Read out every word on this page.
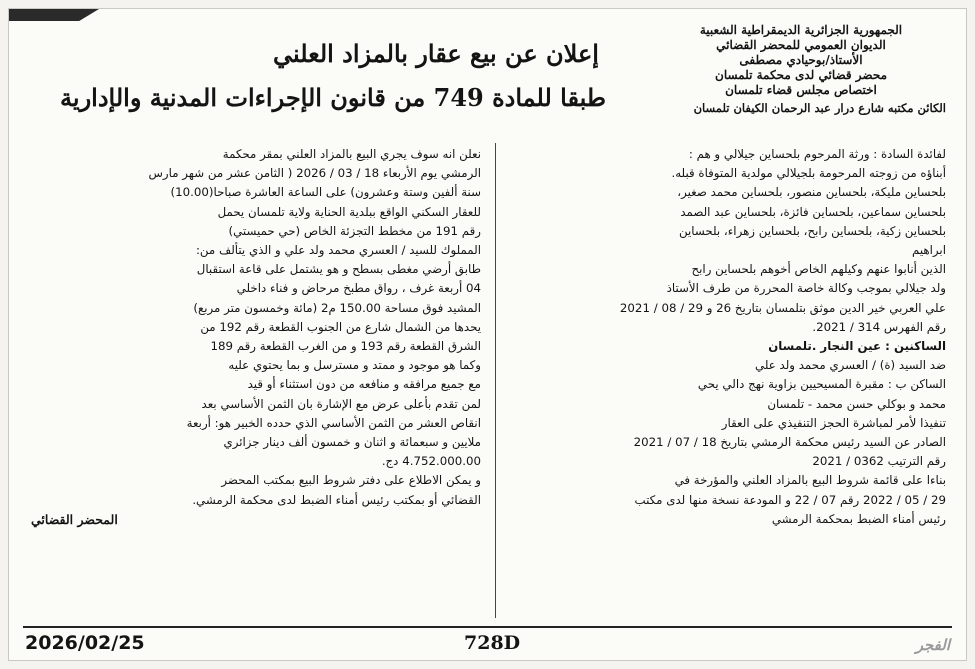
الجمهورية الجزائرية الديمقراطية الشعبية
الديوان العمومي للمحضر القضائي
الأستاذ/بوحيادي مصطفى
محضر قضائي لدى محكمة تلمسان
اختصاص مجلس قضاء تلمسان
الكائن مكتبه شارع درار عبد الرحمان الكيفان تلمسان
إعلان عن بيع عقار بالمزاد العلني
طبقا للمادة 749 من قانون الإجراءات المدنية والإدارية

لفائدة السادة : ورثة المرحوم بلحساين جيلالي و هم :

أبناؤه من زوجته المرحومة بلجيلالي مولدية المتوفاة قبله.

بلحساين مليكة، بلحساين منصور، بلحساين محمد صغير،

بلحساين سماعين، بلحساين فائزة، بلحساين عبد الصمد

بلحساين زكية، بلحساين رابح، بلحساين زهراء، بلحساين

ابراهيم

الذين أنابوا عنهم وكيلهم الخاص أخوهم بلحساين رابح

ولد جيلالي بموجب وكالة خاصة المحررة من طرف الأستاذ

علي العربي خير الدين موثق بتلمسان بتاريخ 26 و 29 / 08 / 2021

رقم الفهرس 314 / 2021.

الساكنين : عين النجار .تلمسان

ضد السيد (ة) / العسري محمد ولد علي

الساكن ب : مقبرة المسيحيين بزاوية نهج دالي يحي

محمد و بوكلي حسن محمد - تلمسان

تنفيذا لأمر لمباشرة الحجز التنفيذي على العقار

الصادر عن السيد رئيس محكمة الرمشي بتاريخ 18 / 07 / 2021

رقم الترتيب 0362 / 2021

بناءا على قائمة شروط البيع بالمزاد العلني والمؤرخة في

29 / 05 / 2022 رقم 07 / 22 و المودعة نسخة منها لدى مكتب

رئيس أمناء الضبط بمحكمة الرمشي

نعلن انه سوف يجري البيع بالمزاد العلني بمقر محكمة

الرمشي يوم الأربعاء 18 / 03 / 2026 ( الثامن عشر من شهر مارس

سنة ألفين وستة وعشرون) على الساعة العاشرة صباحا(10.00)

للعقار السكني الواقع ببلدية الحناية ولاية تلمسان يحمل

رقم 191 من مخطط التجزئة الخاص (حي حميستي)

المملوك للسيد / العسري محمد ولد علي و الذي يتألف من:

طابق أرضي مغطى بسطح و هو يشتمل على قاعة استقبال

04 أربعة غرف ، رواق مطبخ مرحاض و فناء داخلي

المشيد فوق مساحة 150.00 م2 (مائة وخمسون متر مربع)

يحدها من الشمال شارع من الجنوب القطعة رقم 192 من

الشرق القطعة رقم 193 و من الغرب القطعة رقم 189

وكما هو موجود و ممتد و مسترسل و بما يحتوي عليه

مع جميع مرافقه و منافعه من دون استثناء أو قيد

لمن تقدم بأعلى عرض مع الإشارة بان الثمن الأساسي بعد

انقاص العشر من الثمن الأساسي الذي حدده الخبير هو: أربعة

ملايين و سبعمائة و اثنان و خمسون ألف دينار جزائري

4.752.000.00 دج.

و يمكن الاطلاع على دفتر شروط البيع بمكتب المحضر

القضائي أو بمكتب رئيس أمناء الضبط لدى محكمة الرمشي.

المحضر القضائي

2026/02/25	728D	الفجر
